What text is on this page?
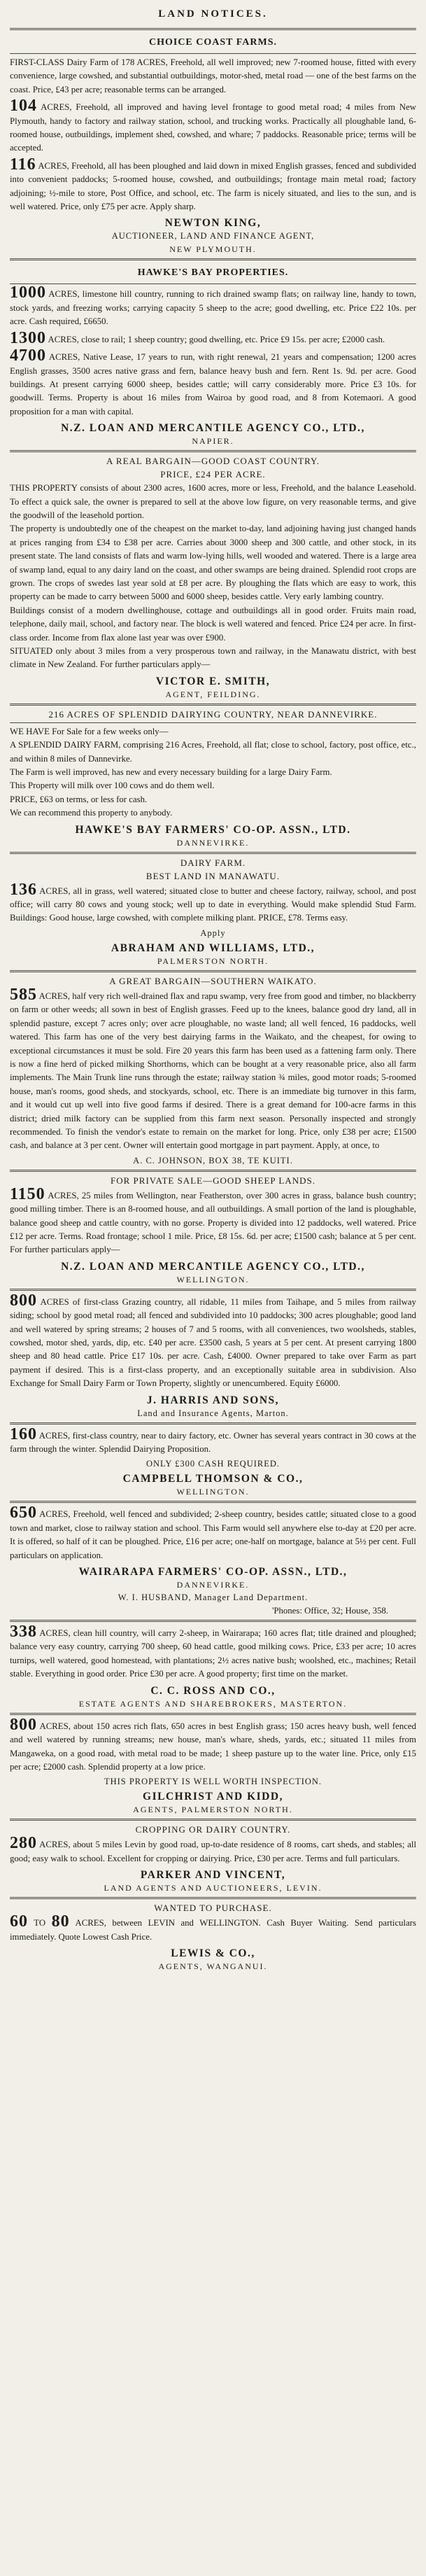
LAND NOTICES.
CHOICE COAST FARMS.

FIRST-CLASS Dairy Farm of 178 ACRES, Freehold, all well improved; new 7-roomed house, fitted with every convenience, large cowshed, and substantial outbuildings, motor-shed, metal road — one of the best farms on the coast. Price, £43 per acre; reasonable terms can be arranged.

104 ACRES, Freehold, all improved and having level frontage to good metal road; 4 miles from New Plymouth, handy to factory and railway station, school, and trucking works. Practically all ploughable land, 6-roomed house, outbuildings, implement shed, cowshed, and whare; 7 paddocks. Reasonable price; terms will be accepted.

116 ACRES, Freehold, all has been ploughed and laid down in mixed English grasses, fenced and subdivided into convenient paddocks; 5-roomed house, cowshed, and outbuildings; frontage main metal road; factory adjoining; ½-mile to store, Post Office, and school, etc. The farm is nicely situated, and lies to the sun, and is well watered. Price, only £75 per acre. Apply sharp.

NEWTON KING,
AUCTIONEER, LAND AND FINANCE AGENT,
NEW PLYMOUTH.
HAWKE'S BAY PROPERTIES.

1000 ACRES, limestone hill country, running to rich drained swamp flats; on railway line, handy to town, stock yards, and freezing works; carrying capacity 5 sheep to the acre; good dwelling, etc. Price £22 10s. per acre. Cash required, £6650.

1300 ACRES, close to rail; 1 sheep country; good dwelling, etc. Price £9 15s. per acre; £2000 cash.

4700 ACRES, Native Lease, 17 years to run, with right renewal, 21 years and compensation; 1200 acres English grasses, 3500 acres native grass and fern, balance heavy bush and fern. Rent 1s. 9d. per acre. Good buildings. At present carrying 6000 sheep, besides cattle; will carry considerably more. Price £3 10s. for goodwill. Terms. Property is about 16 miles from Wairoa by good road, and 8 from Kotemaori. A good proposition for a man with capital.

N.Z. LOAN AND MERCANTILE AGENCY CO., LTD.,
NAPIER.
A REAL BARGAIN—GOOD COAST COUNTRY.
PRICE, £24 PER ACRE.

THIS PROPERTY consists of about 2300 acres, 1600 acres, more or less, Freehold, and the balance Leasehold. To effect a quick sale, the owner is prepared to sell at the above low figure, on very reasonable terms, and give the goodwill of the leasehold portion.

The property is undoubtedly one of the cheapest on the market to-day, land adjoining having just changed hands at prices ranging from £34 to £38 per acre. Carries about 3000 sheep and 300 cattle, and other stock, in its present state. The land consists of flats and warm low-lying hills, well wooded and watered. There is a large area of swamp land, equal to any dairy land on the coast, and other swamps are being drained. Splendid root crops are grown. The crops of swedes last year sold at £8 per acre. By ploughing the flats which are easy to work, this property can be made to carry between 5000 and 6000 sheep, besides cattle. Very early lambing country.

Buildings consist of a modern dwellinghouse, cottage and outbuildings all in good order. Fruits main road, telephone, daily mail, school, and factory near. The block is well watered and fenced. Price £24 per acre. In first-class order. Income from flax alone last year was over £900.

SITUATED only about 3 miles from a very prosperous town and railway, in the Manawatu district, with best climate in New Zealand. For further particulars apply—

VICTOR E. SMITH,
AGENT, FEILDING.
216 ACRES OF SPLENDID DAIRYING COUNTRY, NEAR DANNEVIRKE.

WE HAVE For Sale for a few weeks only—

A SPLENDID DAIRY FARM, comprising 216 Acres, Freehold, all flat; close to school, factory, post office, etc., and within 8 miles of Dannevirke.

The Farm is well improved, has new and every necessary building for a large Dairy Farm.

This Property will milk over 100 cows and do them well.

PRICE, £63 on terms, or less for cash.

We can recommend this property to anybody.

HAWKE'S BAY FARMERS' CO-OP. ASSN., LTD.
DANNEVIRKE.
DAIRY FARM.
BEST LAND IN MANAWATU.

136 ACRES, all in grass, well watered; situated close to butter and cheese factory, railway, school, and post office; will carry 80 cows and young stock; well up to date in everything. Would make splendid Stud Farm. Buildings: Good house, large cowshed, with complete milking plant. PRICE, £78. Terms easy.

Apply
ABRAHAM AND WILLIAMS, LTD.,
PALMERSTON NORTH.
A GREAT BARGAIN—SOUTHERN WAIKATO.

585 ACRES, half very rich well-drained flax and rapu swamp, very free from good and timber, no blackberry on farm or other weeds; all sown in best of English grasses. Feed up to the knees, balance good dry land, all in splendid pasture, except 7 acres only; over acre ploughable, no waste land; all well fenced, 16 paddocks, well watered. This farm has one of the very best dairying farms in the Waikato, and the cheapest, for owing to exceptional circumstances it must be sold. Fire 20 years this farm has been used as a fattening farm only. There is now a fine herd of picked milking Shorthorns, which can be bought at a very reasonable price, also all farm implements. The Main Trunk line runs through the estate; railway station ¾ miles, good motor roads; 5-roomed house, man's rooms, good sheds, and stockyards, school, etc. There is an immediate big turnover in this farm, and it would cut up well into five good farms if desired. There is a great demand for 100-acre farms in this district; dried milk factory can be supplied from this farm next season. Personally inspected and strongly recommended. To finish the vendor's estate to remain on the market for long. Price, only £38 per acre; £1500 cash, and balance at 3 per cent. Owner will entertain good mortgage in part payment. Apply, at once, to

A. C. JOHNSON, BOX 38, TE KUITI.
FOR PRIVATE SALE—GOOD SHEEP LANDS.

1150 ACRES, 25 miles from Wellington, near Featherston, over 300 acres in grass, balance bush country; good milling timber. There is an 8-roomed house, and all outbuildings. A small portion of the land is ploughable, balance good sheep and cattle country, with no gorse. Property is divided into 12 paddocks, well watered. Price £12 per acre. Terms. Road frontage; school 1 mile. Price, £8 15s. 6d. per acre; £1500 cash; balance at 5 per cent. For further particulars apply—

N.Z. LOAN AND MERCANTILE AGENCY CO., LTD.,
WELLINGTON.

800 ACRES of first-class Grazing country, all ridable, 11 miles from Taihape, and 5 miles from railway siding; school by good metal road; all fenced and subdivided into 10 paddocks; 300 acres ploughable; good land and well watered by spring streams; 2 houses of 7 and 5 rooms, with all conveniences, two woolsheds, stables, cowshed, motor shed, yards, dip, etc. £40 per acre. £3500 cash, 5 years at 5 per cent. At present carrying 1800 sheep and 80 head cattle. Price £17 10s. per acre. Cash, £4000. Owner prepared to take over Farm as part payment if desired. This is a first-class property, and an exceptionally suitable area in subdivision. Also Exchange for Small Dairy Farm or Town Property, slightly or unencumbered. Equity £6000.

J. HARRIS AND SONS,
Land and Insurance Agents, Marton.

160 ACRES, first-class country, near to dairy factory, etc. Owner has several years contract in 30 cows at the farm through the winter. Splendid Dairying Proposition.

ONLY £300 CASH REQUIRED.
CAMPBELL THOMSON & CO.,
WELLINGTON.

650 ACRES, Freehold, well fenced and subdivided; 2-sheep country, besides cattle; situated close to a good town and market, close to railway station and school. This Farm would sell anywhere else to-day at £20 per acre. It is offered, so half of it can be ploughed. Price, £16 per acre; one-half on mortgage, balance at 5½ per cent. Full particulars on application.

WAIRARAPA FARMERS' CO-OP. ASSN., LTD.,
DANNEVIRKE.
W. I. HUSBAND, Manager Land Department.
'Phones: Office, 32; House, 358.

338 ACRES, clean hill country, will carry 2-sheep, in Wairarapa; 160 acres flat; title drained and ploughed; balance very easy country, carrying 700 sheep, 60 head cattle, good milking cows. Price, £33 per acre; 10 acres turnips, well watered, good homestead, with plantations; 2½ acres native bush; woolshed, etc., machines; Retail stable. Everything in good order. Price £30 per acre. A good property; first time on the market.

C. C. ROSS AND CO.,
ESTATE AGENTS AND SHAREBROKERS, MASTERTON.

800 ACRES, about 150 acres rich flats, 650 acres in best English grass; 150 acres heavy bush, well fenced and well watered by running streams; new house, man's whare, sheds, yards, etc.; situated 11 miles from Mangaweka, on a good road, with metal road to be made; 1 sheep pasture up to the water line. Price, only £15 per acre; £2000 cash. Splendid property at a low price.

THIS PROPERTY IS WELL WORTH INSPECTION.
GILCHRIST AND KIDD,
AGENTS, PALMERSTON NORTH.
CROPPING OR DAIRY COUNTRY.

280 ACRES, about 5 miles Levin by good road, up-to-date residence of 8 rooms, cart sheds, and stables; all good; easy walk to school. Excellent for cropping or dairying. Price, £30 per acre. Terms and full particulars.

PARKER AND VINCENT,
LAND AGENTS AND AUCTIONEERS, LEVIN.
WANTED TO PURCHASE.

60 TO 80 ACRES, between LEVIN and WELLINGTON. Cash Buyer Waiting. Send particulars immediately. Quote Lowest Cash Price.

LEWIS & CO.,
AGENTS, WANGANUI.
